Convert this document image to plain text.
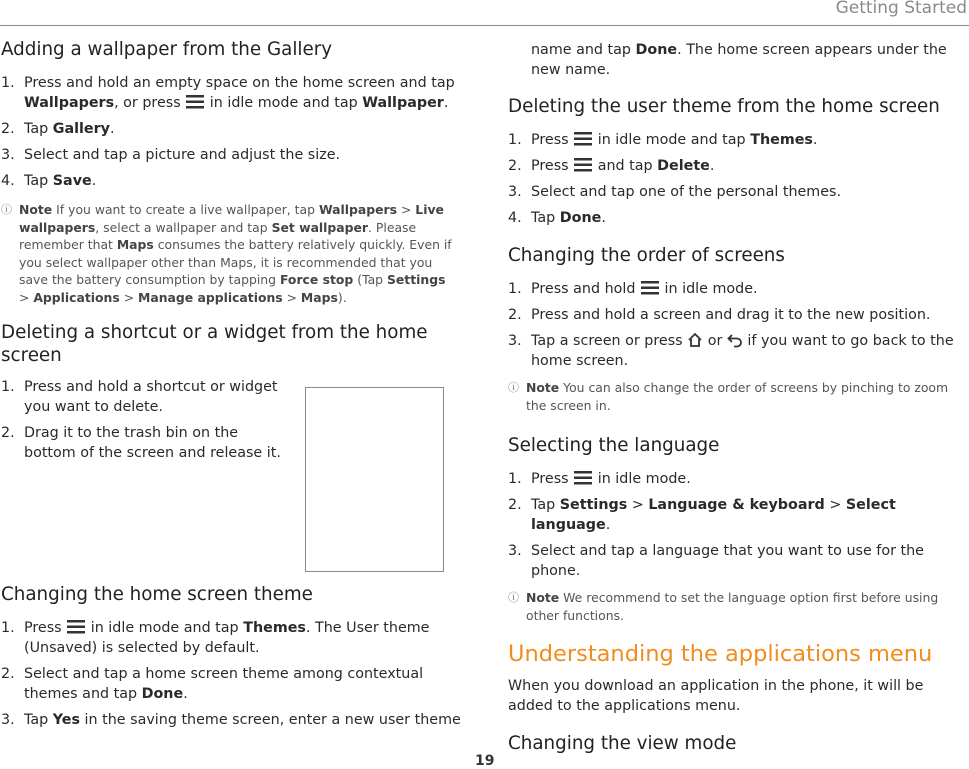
Getting Started
Adding a wallpaper from the Gallery
1. Press and hold an empty space on the home screen and tap Wallpapers, or press  in idle mode and tap Wallpaper.
2. Tap Gallery.
3. Select and tap a picture and adjust the size.
4. Tap Save.
ⓘ Note If you want to create a live wallpaper, tap Wallpapers > Live wallpapers, select a wallpaper and tap Set wallpaper. Please remember that Maps consumes the battery relatively quickly. Even if you select wallpaper other than Maps, it is recommended that you save the battery consumption by tapping Force stop (Tap Settings > Applications > Manage applications > Maps).
Deleting a shortcut or a widget from the home screen
1. Press and hold a shortcut or widget you want to delete.
2. Drag it to the trash bin on the bottom of the screen and release it.
Changing the home screen theme
1. Press  in idle mode and tap Themes. The User theme (Unsaved) is selected by default.
2. Select and tap a home screen theme among contextual themes and tap Done.
3. Tap Yes in the saving theme screen, enter a new user theme
name and tap Done. The home screen appears under the new name.
Deleting the user theme from the home screen
1. Press  in idle mode and tap Themes.
2. Press  and tap Delete.
3. Select and tap one of the personal themes.
4. Tap Done.
Changing the order of screens
1. Press and hold  in idle mode.
2. Press and hold a screen and drag it to the new position.
3. Tap a screen or press  or  if you want to go back to the home screen.
ⓘ Note You can also change the order of screens by pinching to zoom the screen in.
Selecting the language
1. Press  in idle mode.
2. Tap Settings > Language & keyboard > Select language.
3. Select and tap a language that you want to use for the phone.
ⓘ Note We recommend to set the language option first before using other functions.
Understanding the applications menu
When you download an application in the phone, it will be added to the applications menu.
Changing the view mode
19
